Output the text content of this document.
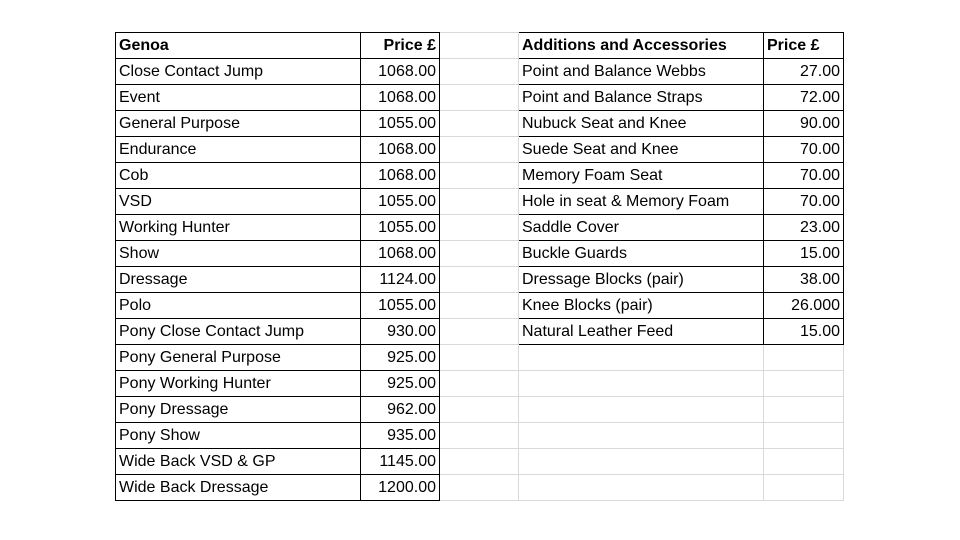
Genoa	Price £		Additions and Accessories	Price £
Close Contact Jump	1068.00		Point and Balance Webbs	27.00
Event	1068.00		Point and Balance Straps	72.00
General Purpose	1055.00		Nubuck Seat and Knee	90.00
Endurance	1068.00		Suede Seat and Knee	70.00
Cob	1068.00		Memory Foam Seat	70.00
VSD	1055.00		Hole in seat & Memory Foam	70.00
Working Hunter	1055.00		Saddle Cover	23.00
Show	1068.00		Buckle Guards	15.00
Dressage	1124.00		Dressage Blocks (pair)	38.00
Polo	1055.00		Knee Blocks (pair)	26.000
Pony Close Contact Jump	930.00		Natural Leather Feed	15.00
Pony General Purpose	925.00			
Pony Working Hunter	925.00			
Pony Dressage	962.00			
Pony Show	935.00			
Wide Back VSD & GP	1145.00			
Wide Back Dressage	1200.00			
